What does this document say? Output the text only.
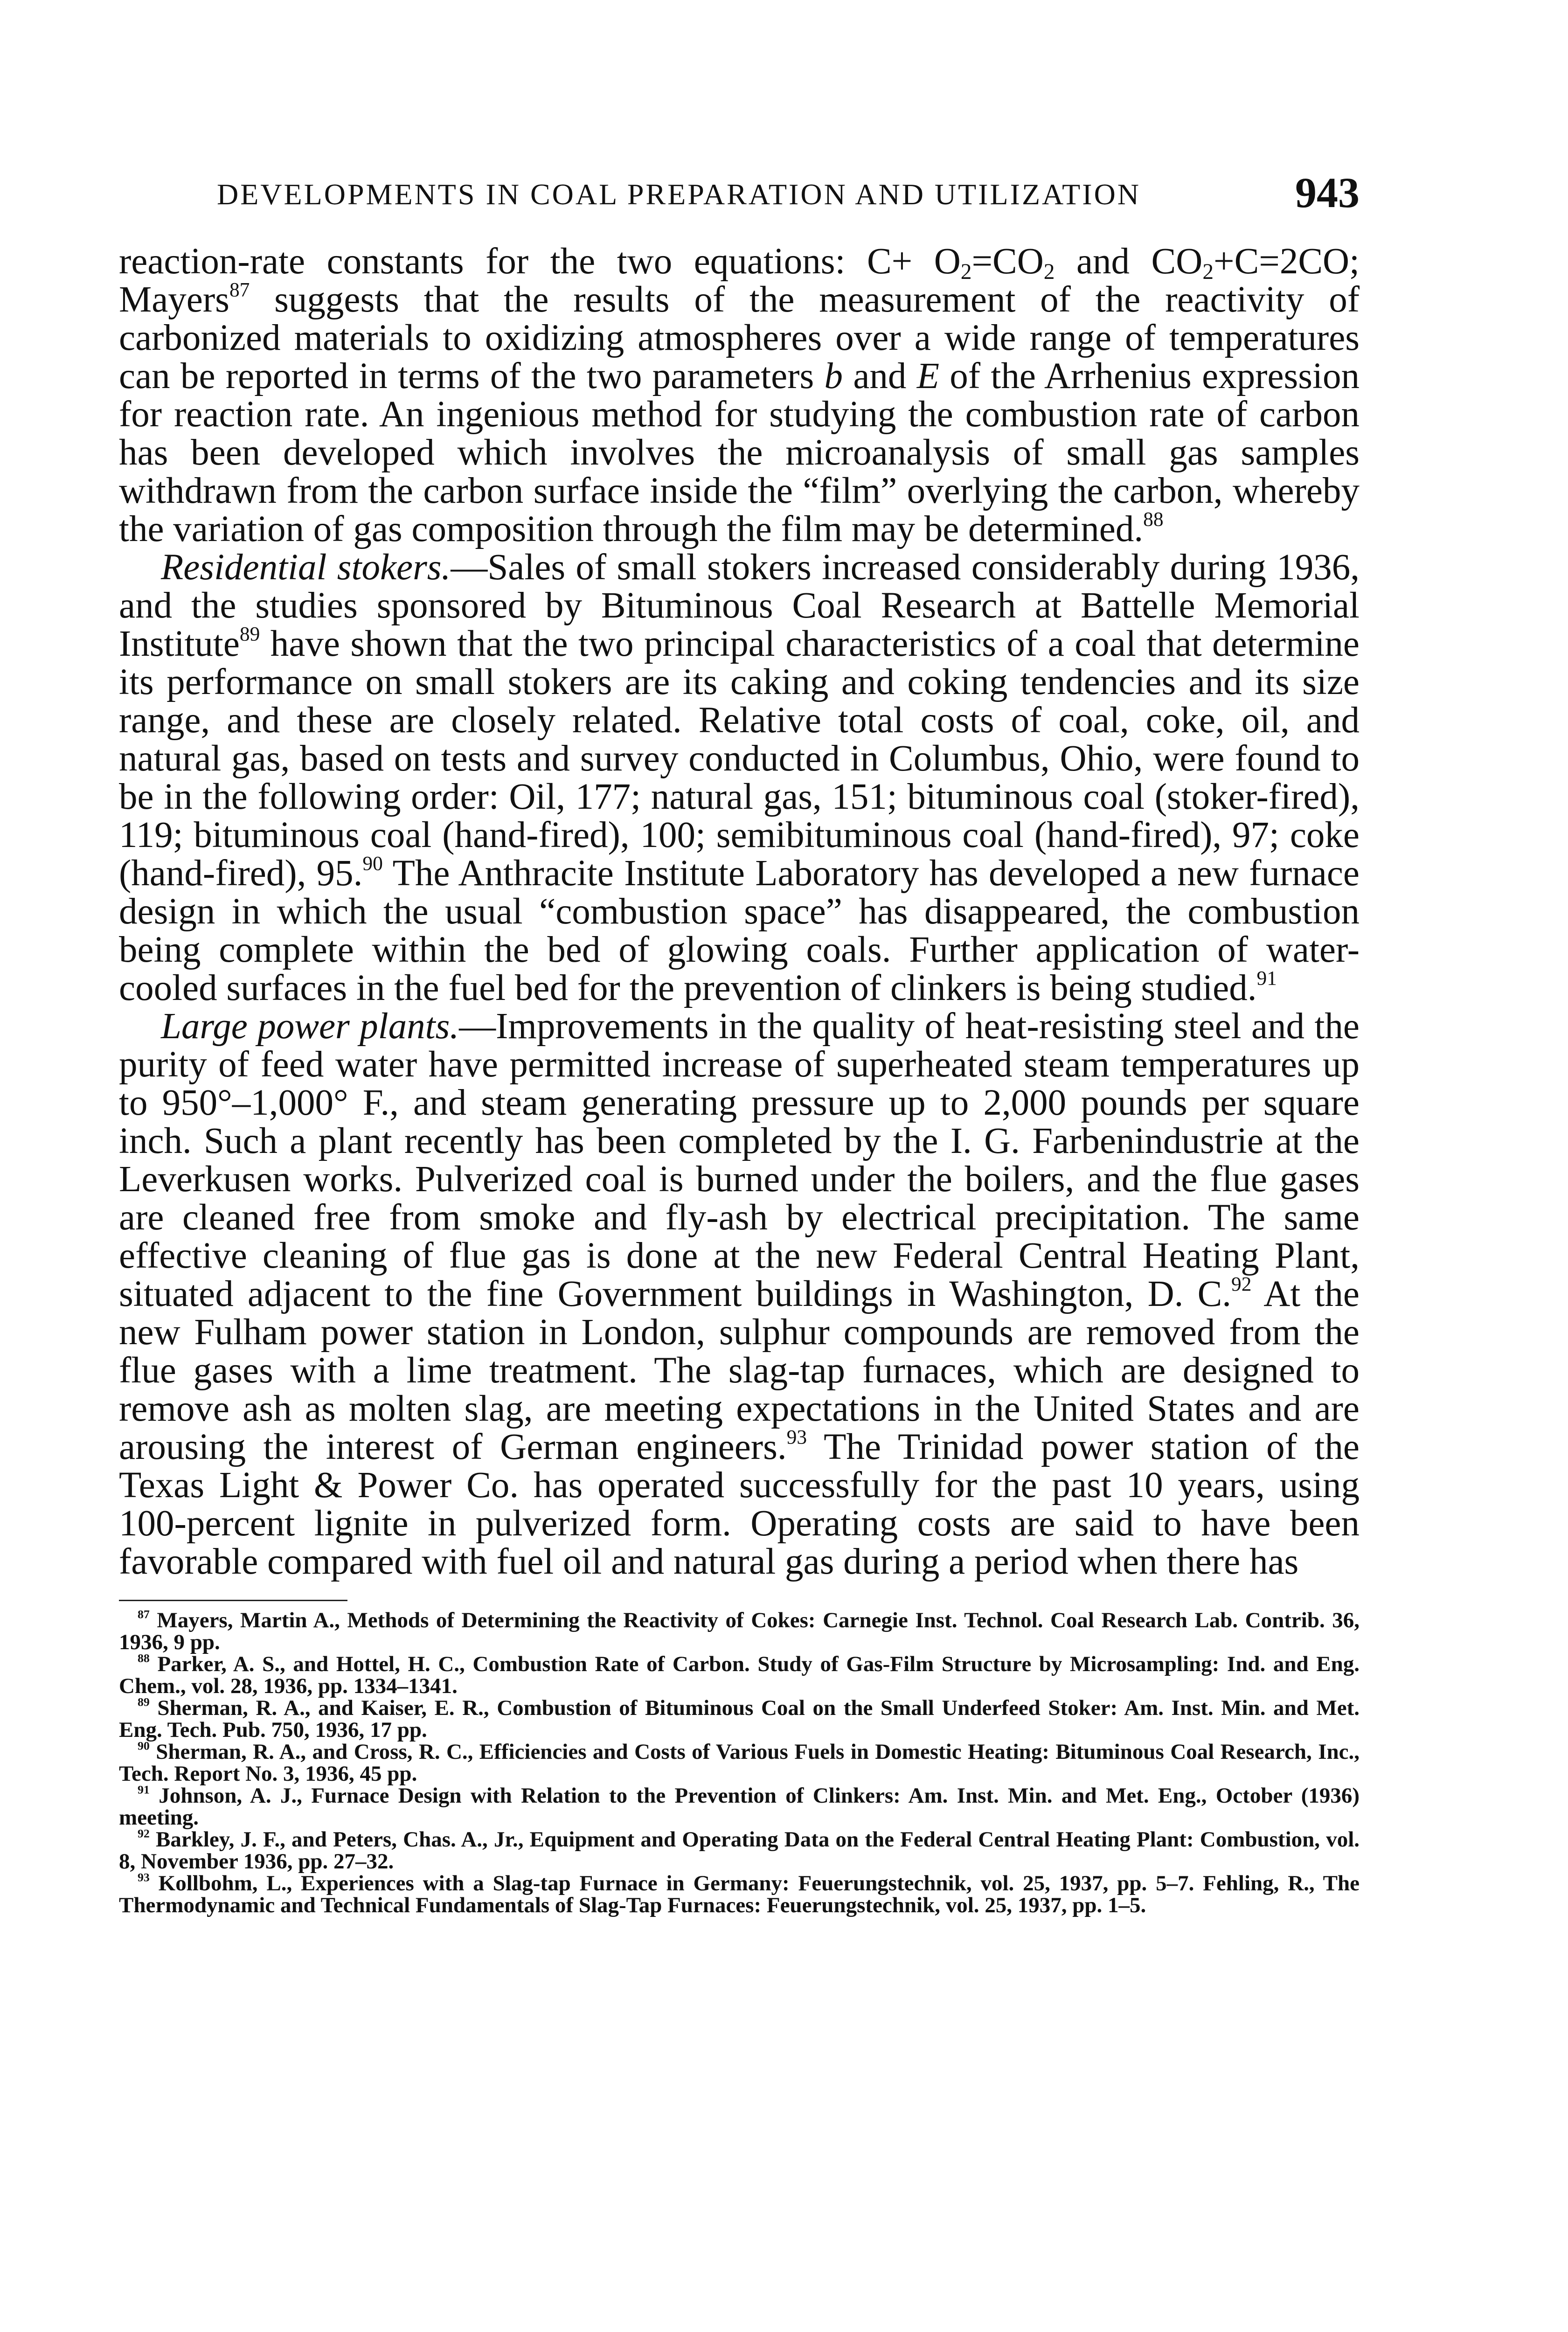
DEVELOPMENTS IN COAL PREPARATION AND UTILIZATION	943

reaction-rate constants for the two equations: $C+ O_2=CO_2$ and $CO_2+C=2CO$; Mayers$^{87}$ suggests that the results of the measurement of the reactivity of carbonized materials to oxidizing atmospheres over a wide range of temperatures can be reported in terms of the two parameters b and E of the Arrhenius expression for reaction rate. An ingenious method for studying the combustion rate of carbon has been developed which involves the microanalysis of small gas samples withdrawn from the carbon surface inside the “film” overlying the carbon, whereby the variation of gas composition through the film may be determined.$^{88}$

Residential stokers.—Sales of small stokers increased considerably during 1936, and the studies sponsored by Bituminous Coal Research at Battelle Memorial Institute$^{89}$ have shown that the two principal characteristics of a coal that determine its performance on small stokers are its caking and coking tendencies and its size range, and these are closely related. Relative total costs of coal, coke, oil, and natural gas, based on tests and survey conducted in Columbus, Ohio, were found to be in the following order: Oil, 177; natural gas, 151; bituminous coal (stoker-fired), 119; bituminous coal (hand-fired), 100; semibituminous coal (hand-fired), 97; coke (hand-fired), 95.90 The Anthracite Institute Laboratory has developed a new furnace design in which the usual “combustion space” has disappeared, the combustion being complete within the bed of glowing coals. Further application of water-cooled surfaces in the fuel bed for the prevention of clinkers is being studied.$^{91}$

Large power plants.—Improvements in the quality of heat-resisting steel and the purity of feed water have permitted increase of superheated steam temperatures up to 950°–1,000° F., and steam generating pressure up to 2,000 pounds per square inch. Such a plant recently has been completed by the I. G. Farbenindustrie at the Leverkusen works. Pulverized coal is burned under the boilers, and the flue gases are cleaned free from smoke and fly-ash by electrical precipitation. The same effective cleaning of flue gas is done at the new Federal Central Heating Plant, situated adjacent to the fine Government buildings in Washington, D. C.$^{92}$ At the new Fulham power station in London, sulphur compounds are removed from the flue gases with a lime treatment. The slag-tap furnaces, which are designed to remove ash as molten slag, are meeting expectations in the United States and are arousing the interest of German engineers.$^{93}$ The Trinidad power station of the Texas Light & Power Co. has operated successfully for the past 10 years, using 100-percent lignite in pulverized form. Operating costs are said to have been favorable compared with fuel oil and natural gas during a period when there has

$^{87}$ Mayers, Martin A., Methods of Determining the Reactivity of Cokes: Carnegie Inst. Technol. Coal Research Lab. Contrib. 36, 1936, 9 pp.

$^{88}$ Parker, A. S., and Hottel, H. C., Combustion Rate of Carbon. Study of Gas-Film Structure by Microsampling: Ind. and Eng. Chem., vol. 28, 1936, pp. 1334–1341.

$^{89}$ Sherman, R. A., and Kaiser, E. R., Combustion of Bituminous Coal on the Small Underfeed Stoker: Am. Inst. Min. and Met. Eng. Tech. Pub. 750, 1936, 17 pp.

$^{90}$ Sherman, R. A., and Cross, R. C., Efficiencies and Costs of Various Fuels in Domestic Heating: Bituminous Coal Research, Inc., Tech. Report No. 3, 1936, 45 pp.

$^{91}$ Johnson, A. J., Furnace Design with Relation to the Prevention of Clinkers: Am. Inst. Min. and Met. Eng., October (1936) meeting.

$^{92}$ Barkley, J. F., and Peters, Chas. A., Jr., Equipment and Operating Data on the Federal Central Heating Plant: Combustion, vol. 8, November 1936, pp. 27–32.

$^{93}$ Kollbohm, L., Experiences with a Slag-tap Furnace in Germany: Feuerungstechnik, vol. 25, 1937, pp. 5–7. Fehling, R., The Thermodynamic and Technical Fundamentals of Slag-Tap Furnaces: Feuerungstechnik, vol. 25, 1937, pp. 1–5.
